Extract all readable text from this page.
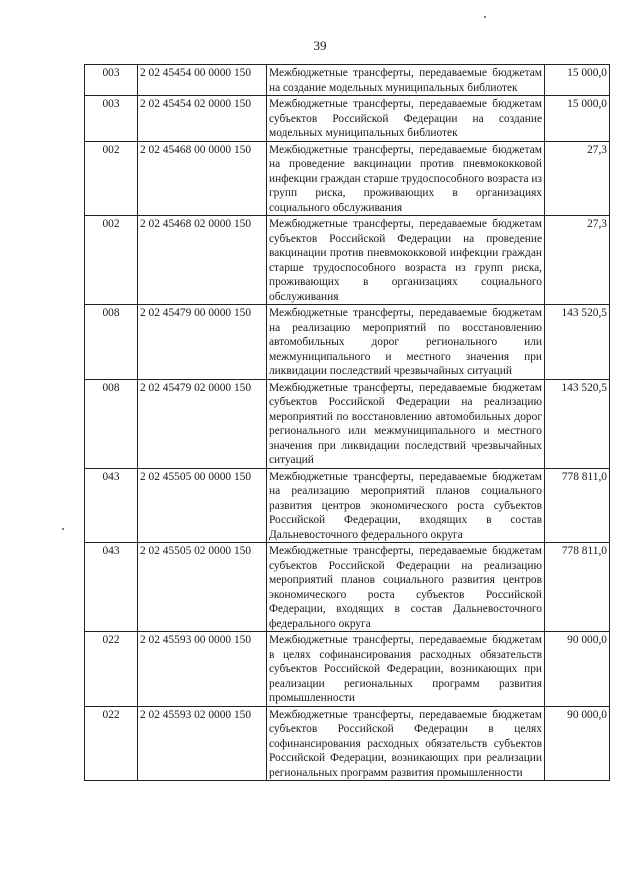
39
003	2 02 45454 00 0000 150	Межбюджетные трансферты, передаваемые бюджетам на создание модельных муниципальных библиотек	15 000,0
003	2 02 45454 02 0000 150	Межбюджетные трансферты, передаваемые бюджетам субъектов Российской Федерации на создание модельных муниципальных библиотек	15 000,0
002	2 02 45468 00 0000 150	Межбюджетные трансферты, передаваемые бюджетам на проведение вакцинации против пневмококковой инфекции граждан старше трудоспособного возраста из групп риска, проживающих в организациях социального обслуживания	27,3
002	2 02 45468 02 0000 150	Межбюджетные трансферты, передаваемые бюджетам субъектов Российской Федерации на проведение вакцинации против пневмококковой инфекции граждан старше трудоспособного возраста из групп риска, проживающих в организациях социального обслуживания	27,3
008	2 02 45479 00 0000 150	Межбюджетные трансферты, передаваемые бюджетам на реализацию мероприятий по восстановлению автомобильных дорог регионального или межмуниципального и местного значения при ликвидации последствий чрезвычайных ситуаций	143 520,5
008	2 02 45479 02 0000 150	Межбюджетные трансферты, передаваемые бюджетам субъектов Российской Федерации на реализацию мероприятий по восстановлению автомобильных дорог регионального или межмуниципального и местного значения при ликвидации последствий чрезвычайных ситуаций	143 520,5
043	2 02 45505 00 0000 150	Межбюджетные трансферты, передаваемые бюджетам на реализацию мероприятий планов социального развития центров экономического роста субъектов Российской Федерации, входящих в состав Дальневосточного федерального округа	778 811,0
043	2 02 45505 02 0000 150	Межбюджетные трансферты, передаваемые бюджетам субъектов Российской Федерации на реализацию мероприятий планов социального развития центров экономического роста субъектов Российской Федерации, входящих в состав Дальневосточного федерального округа	778 811,0
022	2 02 45593 00 0000 150	Межбюджетные трансферты, передаваемые бюджетам в целях софинансирования расходных обязательств субъектов Российской Федерации, возникающих при реализации региональных программ развития промышленности	90 000,0
022	2 02 45593 02 0000 150	Межбюджетные трансферты, передаваемые бюджетам субъектов Российской Федерации в целях софинансирования расходных обязательств субъектов Российской Федерации, возникающих при реализации региональных программ развития промышленности	90 000,0
